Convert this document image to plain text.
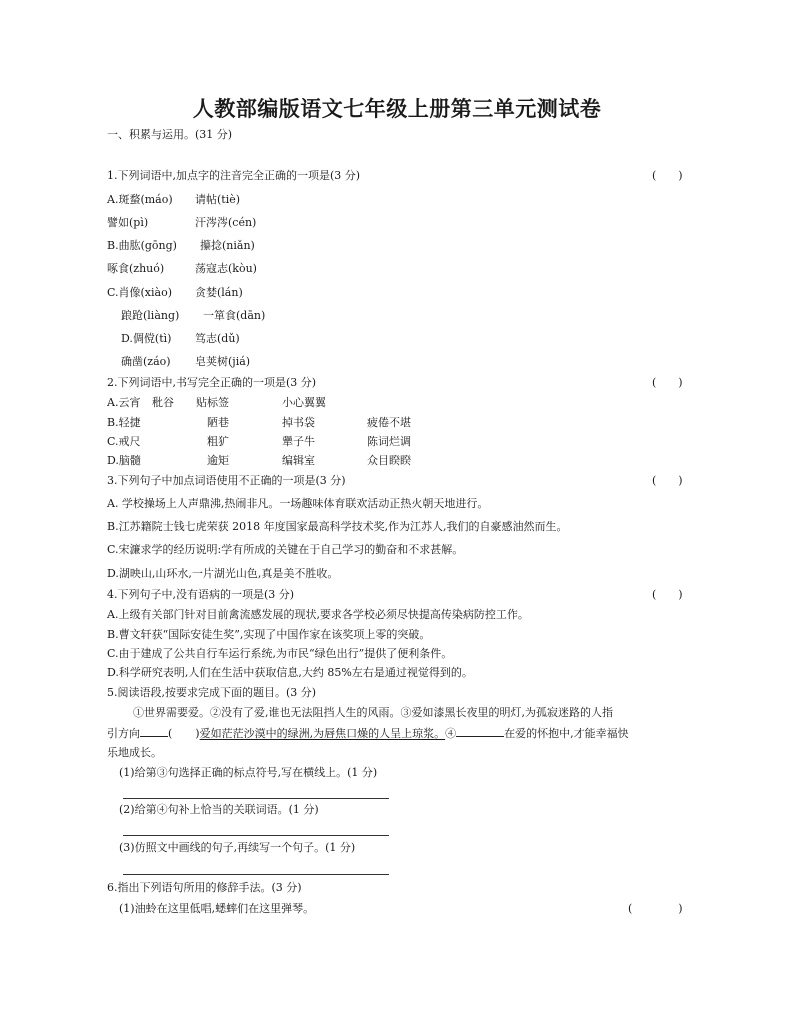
人教部编版语文七年级上册第三单元测试卷
一、积累与运用。(31 分)
1.下列词语中,加点字的注音完全正确的一项是(3 分)	(　　)
A.斑蝥(máo) 请帖(tiè)
譬如(pì)	汗涔涔(cén)
B.曲肱(gōng) 攥捻(niǎn)
啄食(zhuó)	荡寇志(kòu)
C.肖像(xiào) 贪婪(lán)
踉跄(liàng) 一箪食(dān)
D.倜傥(tì) 笃志(dǔ)
确凿(záo) 皂荚树(jiá)
2.下列词语中,书写完全正确的一项是(3 分)	(　　)
A.云宵 秕谷 贴标签	小心翼翼
B.轻捷	陋巷	掉书袋	疲倦不堪
C.戒尺	粗犷	犟子牛	陈词烂调
D.脑髓	逾矩	编辑室	众目睽睽
3.下列句子中加点词语使用不正确的一项是(3 分)	(　　)
A. 学校操场上人声鼎沸,热闹非凡。一场趣味体育联欢活动正热火朝天地进行。
B.江苏籍院士钱七虎荣获 2018 年度国家最高科学技术奖,作为江苏人,我们的自豪感油然而生。
C.宋濂求学的经历说明:学有所成的关键在于自己学习的勤奋和不求甚解。
D.湖映山,山环水,一片湖光山色,真是美不胜收。
4.下列句子中,没有语病的一项是(3 分)	(　　)
A.上级有关部门针对目前禽流感发展的现状,要求各学校必须尽快提高传染病防控工作。
B.曹文轩获“国际安徒生奖”,实现了中国作家在该奖项上零的突破。
C.由于建成了公共自行车运行系统,为市民“绿色出行”提供了便利条件。
D.科学研究表明,人们在生活中获取信息,大约 85%左右是通过视觉得到的。
5.阅读语段,按要求完成下面的题目。(3 分)
①世界需要爱。②没有了爱,谁也无法阻挡人生的风雨。③爱如漆黑长夜里的明灯,为孤寂迷路的人指
引方向	(　)爱如茫茫沙漠中的绿洲,为唇焦口燥的人呈上琼浆。④	在爱的怀抱中,才能幸福快
乐地成长。
(1)给第③句选择正确的标点符号,写在横线上。(1 分)
(2)给第④句补上恰当的关联词语。(1 分)
(3)仿照文中画线的句子,再续写一个句子。(1 分)
6.指出下列语句所用的修辞手法。(3 分)
(1)油蛉在这里低唱,蟋蟀们在这里弹琴。	(　　)
